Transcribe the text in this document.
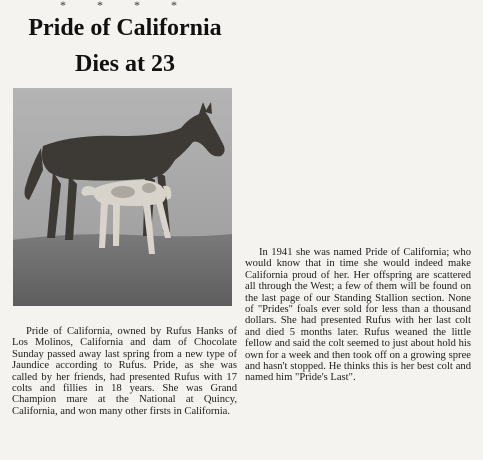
* * * *
Pride of California
Dies at 23

Pride of California, owned by Rufus Hanks of Los Molinos, California and dam of Chocolate Sunday passed away last spring from a new type of Jaundice according to Rufus. Pride, as she was called by her friends, had presented Rufus with 17 colts and fillies in 18 years. She was Grand Champion mare at the National at Quincy, California, and won many other firsts in California.

In 1941 she was named Pride of California; who would know that in time she would indeed make California proud of her. Her offspring are scattered all through the West; a few of them will be found on the last page of our Standing Stallion section. None of "Prides" foals ever sold for less than a thousand dollars. She had presented Rufus with her last colt and died 5 months later. Rufus weaned the little fellow and said the colt seemed to just about hold his own for a week and then took off on a growing spree and hasn't stopped. He thinks this is her best colt and named him "Pride's Last".
